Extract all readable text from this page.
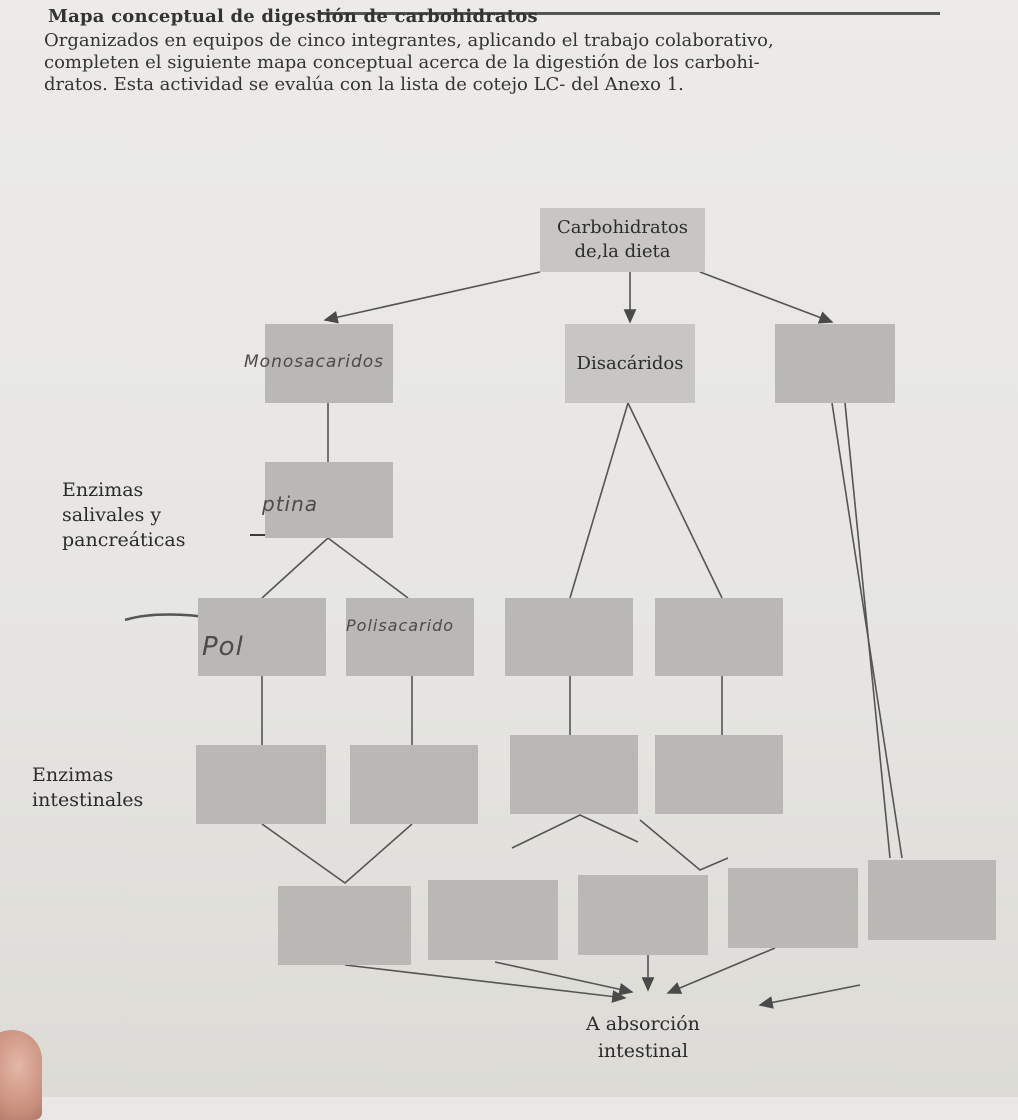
Mapa conceptual de digestión de carbohidratos
Organizados en equipos de cinco integrantes, aplicando el trabajo colaborativo,
completen el siguiente mapa conceptual acerca de la digestión de los carbohi-
dratos. Esta actividad se evalúa con la lista de cotejo LC- del Anexo 1.
Carbohidratos
de,la dieta
Monosacaridos	Disacáridos
ptina
Enzimas
salivales y
pancreáticas
Pol
Polisacarido
Enzimas
intestinales
A absorción
intestinal
